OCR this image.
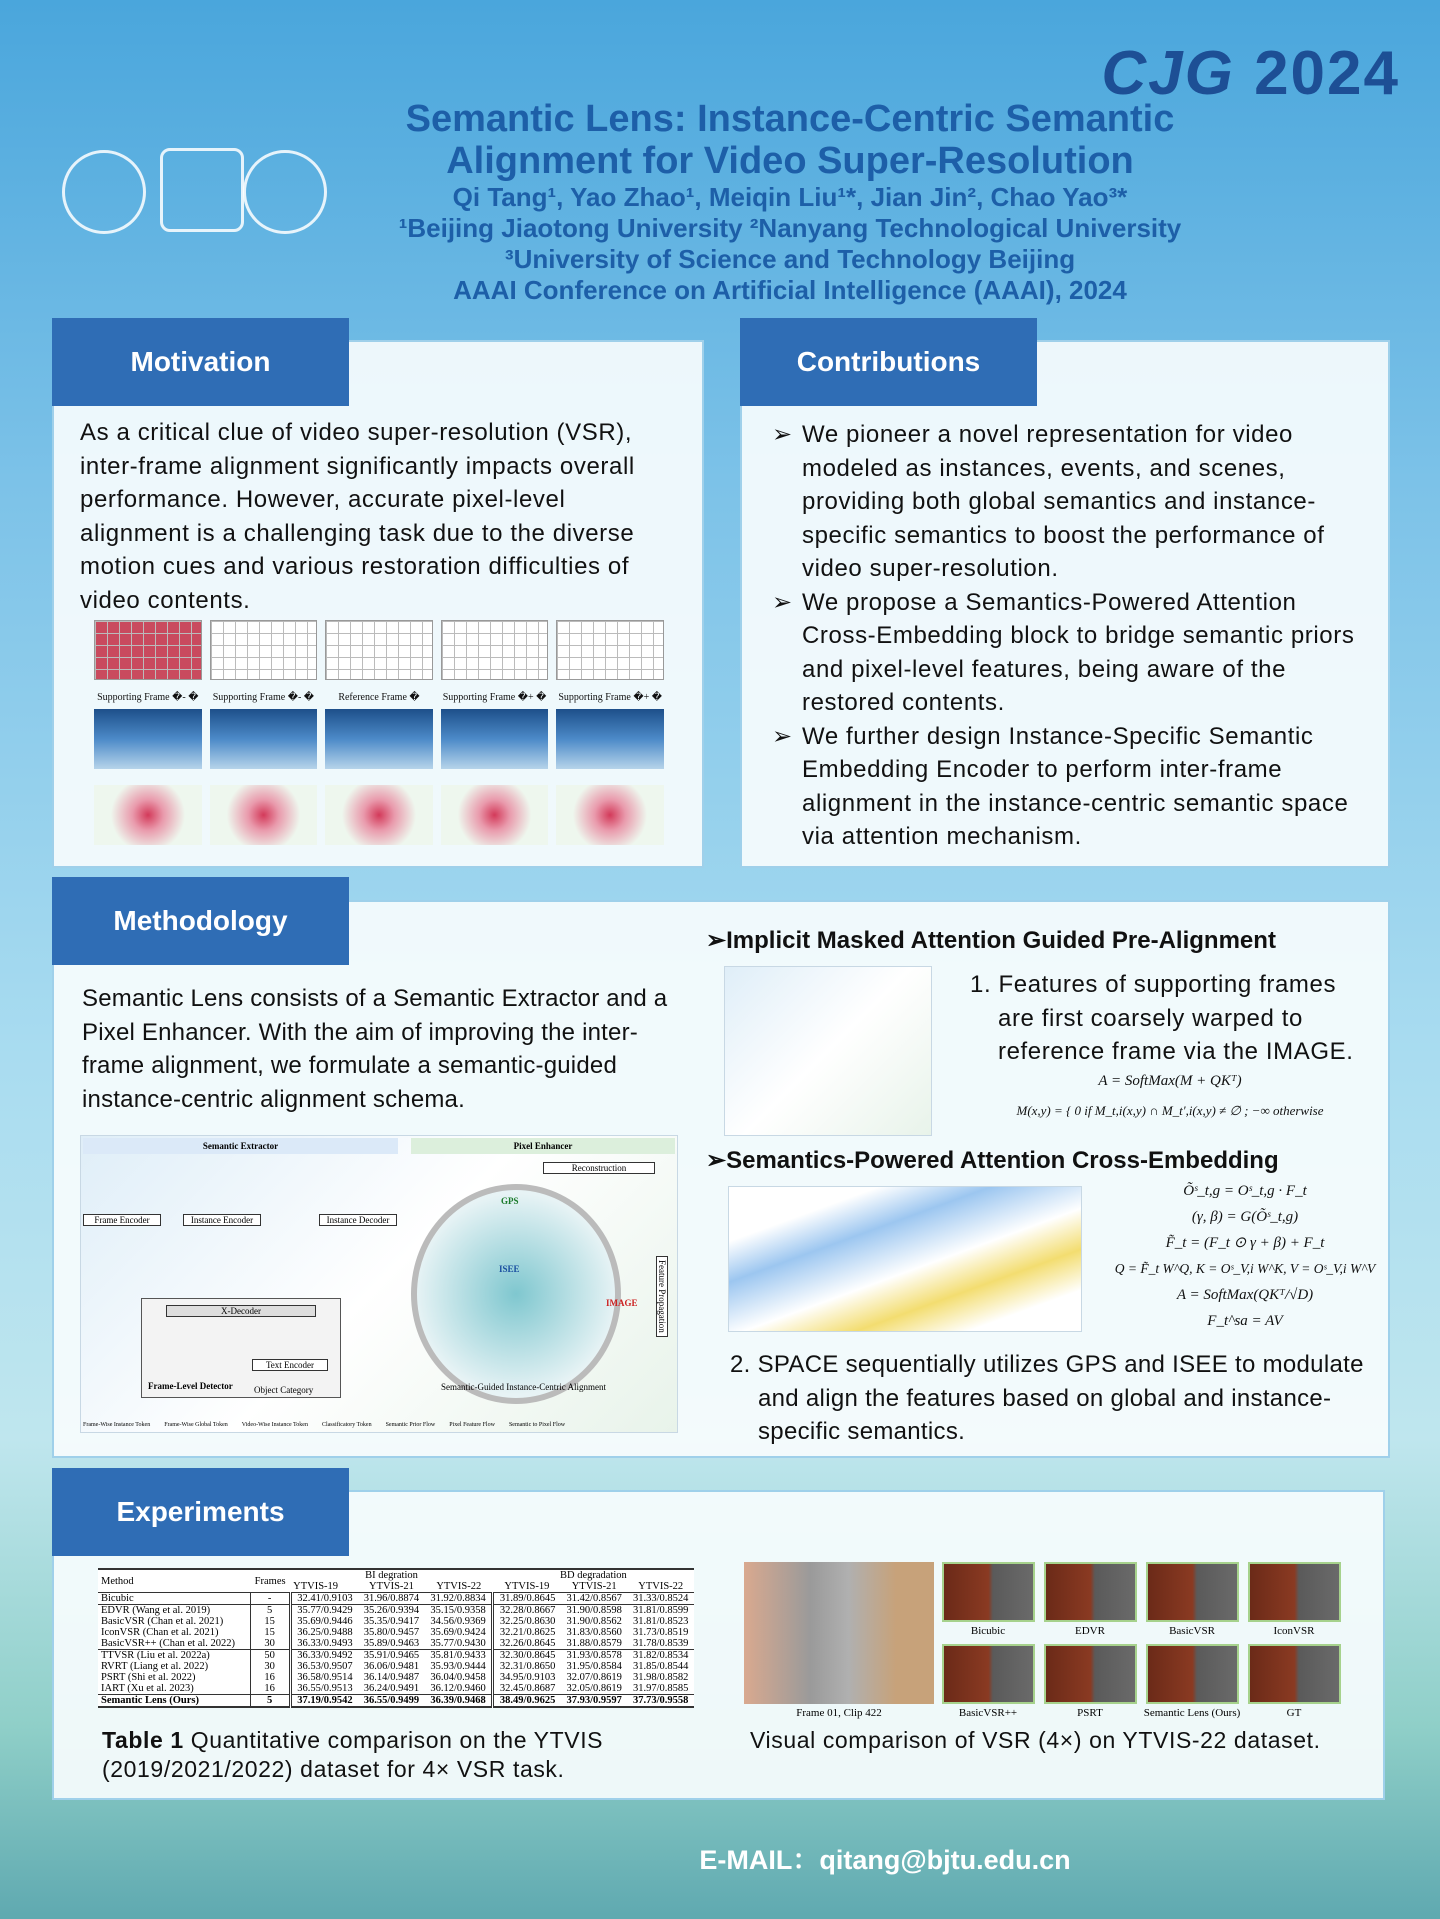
CJG 2024
Semantic Lens: Instance-Centric Semantic
Alignment for Video Super-Resolution
Qi Tang¹, Yao Zhao¹, Meiqin Liu¹*, Jian Jin², Chao Yao³*
¹Beijing Jiaotong University ²Nanyang Technological University
³University of Science and Technology Beijing
AAAI Conference on Artificial Intelligence (AAAI), 2024
Motivation
As a critical clue of video super-resolution (VSR), inter-frame alignment significantly impacts overall performance. However, accurate pixel-level alignment is a challenging task due to the diverse motion cues and various restoration difficulties of video contents.
Supporting Frame �- �	Supporting Frame �- �	Reference Frame �	Supporting Frame �+ � Supporting Frame �+ �
Contributions
➢ We pioneer a novel representation for video modeled as instances, events, and scenes, providing both global semantics and instance-specific semantics to boost the performance of video super-resolution.
➢ We propose a Semantics-Powered Attention Cross-Embedding block to bridge semantic priors and pixel-level features, being aware of the restored contents.
➢ We further design Instance-Specific Semantic Embedding Encoder to perform inter-frame alignment in the instance-centric semantic space via attention mechanism.
Methodology
Semantic Lens consists of a Semantic Extractor and a Pixel Enhancer. With the aim of improving the inter-frame alignment, we formulate a semantic-guided instance-centric alignment schema.
Semantic Extractor	Pixel Enhancer
Frame Encoder	Instance Encoder	Instance Decoder
X-Decoder
Text Encoder
Frame-Level Detector Object Category
Reconstruction
GPS
ISEE
IMAGE Feature Propagation
Semantic-Guided Instance-Centric Alignment
Frame-Wise Instance Token Frame-Wise Global Token Video-Wise Instance Token Classificatory Token Semantic Prior Flow Pixel Feature Flow Semantic to Pixel Flow
➢Implicit Masked Attention Guided Pre-Alignment
1. Features of supporting frames are first coarsely warped to reference frame via the IMAGE.
A = SoftMax(M + QKᵀ)
M(x,y) = { 0 if M_t,i(x,y) ∩ M_t',i(x,y) ≠ ∅ ; −∞ otherwise
➢Semantics-Powered Attention Cross-Embedding
Õˢ_t,g = Oˢ_t,g · F_t
(γ, β) = G(Õˢ_t,g)
F̃_t = (F_t ⊙ γ + β) + F_t
Q = F̃_t W^Q, K = Oˢ_V,i W^K, V = Oˢ_V,i W^V
A = SoftMax(QKᵀ/√D)
F_t^sa = AV
2. SPACE sequentially utilizes GPS and ISEE to modulate and align the features based on global and instance-specific semantics.
Experiments
Method	Frames	BI degration			BD degradation		
		YTVIS-19	YTVIS-21	YTVIS-22	YTVIS-19	YTVIS-21	YTVIS-22
Bicubic	-	32.41/0.9103	31.96/0.8874	31.92/0.8834	31.89/0.8645	31.42/0.8567	31.33/0.8524
EDVR (Wang et al. 2019)	5	35.77/0.9429	35.26/0.9394	35.15/0.9358	32.28/0.8667	31.90/0.8598	31.81/0.8599
BasicVSR (Chan et al. 2021)	15	35.69/0.9446	35.35/0.9417	34.56/0.9369	32.25/0.8630	31.90/0.8562	31.81/0.8523
IconVSR (Chan et al. 2021)	15	36.25/0.9488	35.80/0.9457	35.69/0.9424	32.21/0.8625	31.83/0.8560	31.73/0.8519
BasicVSR++ (Chan et al. 2022)	30	36.33/0.9493	35.89/0.9463	35.77/0.9430	32.26/0.8645	31.88/0.8579	31.78/0.8539
TTVSR (Liu et al. 2022a)	50	36.33/0.9492	35.91/0.9465	35.81/0.9433	32.30/0.8645	31.93/0.8578	31.82/0.8534
RVRT (Liang et al. 2022)	30	36.53/0.9507	36.06/0.9481	35.93/0.9444	32.31/0.8650	31.95/0.8584	31.85/0.8544
PSRT (Shi et al. 2022)	16	36.58/0.9514	36.14/0.9487	36.04/0.9458	34.95/0.9103	32.07/0.8619	31.98/0.8582
IART (Xu et al. 2023)	16	36.55/0.9513	36.24/0.9491	36.12/0.9460	32.45/0.8687	32.05/0.8619	31.97/0.8585
Semantic Lens (Ours)	5	37.19/0.9542	36.55/0.9499	36.39/0.9468	38.49/0.9625	37.93/0.9597	37.73/0.9558
Table 1 Quantitative comparison on the YTVIS (2019/2021/2022) dataset for 4× VSR task.
Frame 01, Clip 422
Bicubic	EDVR	BasicVSR	IconVSR
BasicVSR++	PSRT	Semantic Lens (Ours)	GT
Visual comparison of VSR (4×) on YTVIS-22 dataset.
E-MAIL：qitang@bjtu.edu.cn
